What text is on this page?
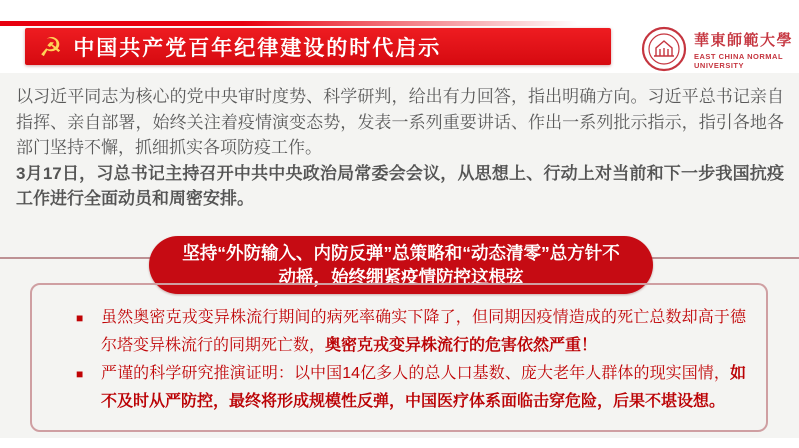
☭ 中国共产党百年纪律建设的时代启示	華東師範大學
EAST CHINA NORMAL
UNIVERSITY

以习近平同志为核心的党中央审时度势、科学研判，给出有力回答，指出明确方向。习近平总书记亲自指挥、亲自部署，始终关注着疫情演变态势，发表一系列重要讲话、作出一系列批示指示，指引各地各部门坚持不懈，抓细抓实各项防疫工作。

3月17日，习总书记主持召开中共中央政治局常委会会议，从思想上、行动上对当前和下一步我国抗疫工作进行全面动员和周密安排。

坚持“外防输入、内防反弹”总策略和“动态清零”总方针不
动摇，始终绷紧疫情防控这根弦
■ 虽然奥密克戎变异株流行期间的病死率确实下降了，但同期因疫情造成的死亡总数却高于德尔塔变异株流行的同期死亡数，奥密克戎变异株流行的危害依然严重！
■ 严谨的科学研究推演证明：以中国14亿多人的总人口基数、庞大老年人群体的现实国情，如不及时从严防控，最终将形成规模性反弹，中国医疗体系面临击穿危险，后果不堪设想。
